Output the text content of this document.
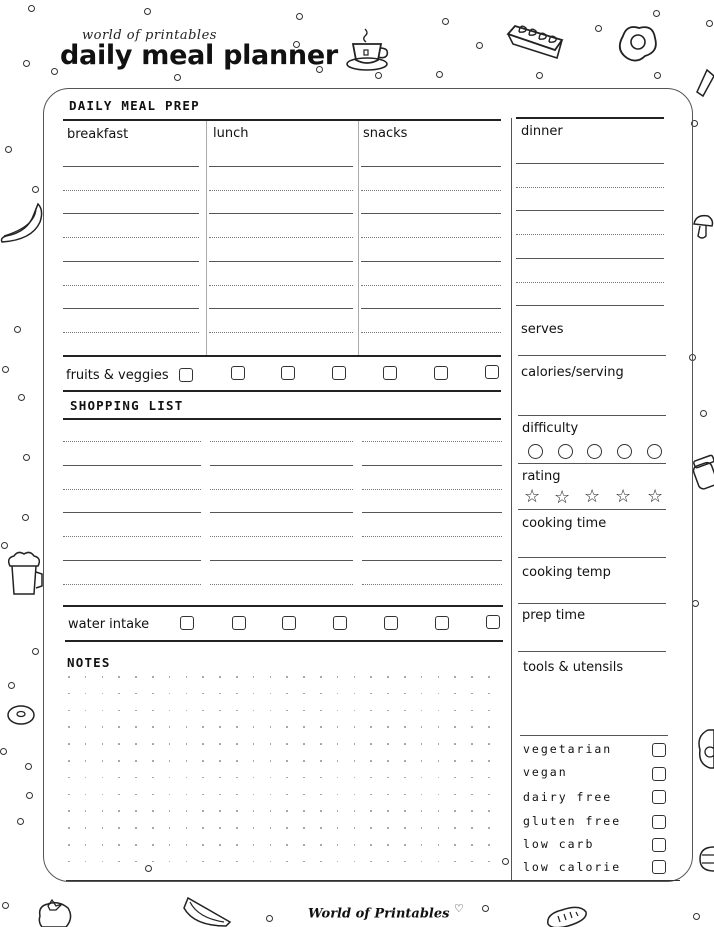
world of printables
daily meal planner
DAILY MEAL PREP
breakfast	lunch	snacks	dinner
fruits & veggies
SHOPPING LIST
water intake
NOTES
serves
calories/serving
difficulty
rating
☆ ☆ ☆ ☆ ☆
cooking time
cooking temp
prep time
tools & utensils
vegetarian
vegan
dairy free
gluten free
low carb
low calorie
World of Printables ♡
